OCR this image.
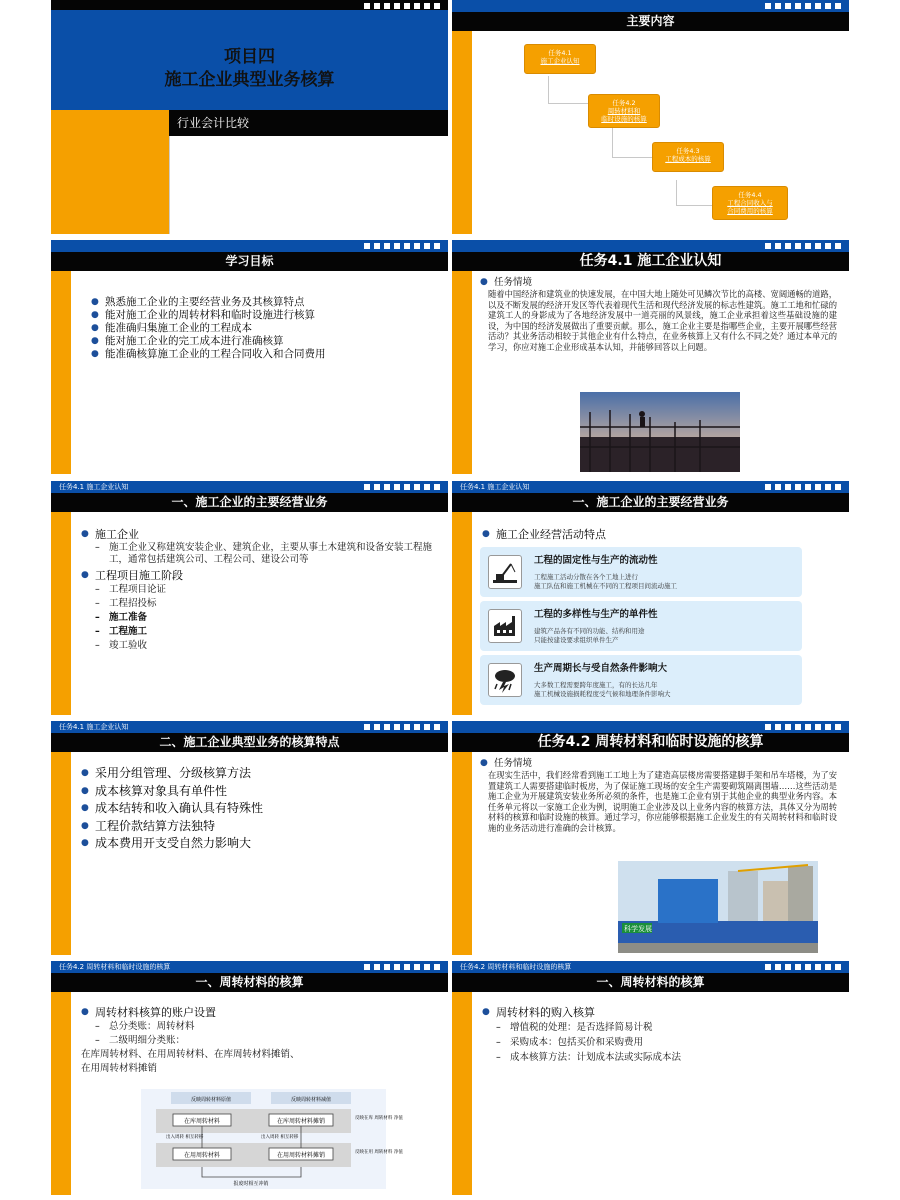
项目四
施工企业典型业务核算
行业会计比较
主要内容
任务4.1
施工企业认知
任务4.2
周转材料和
临时设施的核算
任务4.3
工程成本的核算
任务4.4
工程合同收入与
合同费用的核算
学习目标
● 熟悉施工企业的主要经营业务及其核算特点
● 能对施工企业的周转材料和临时设施进行核算
● 能准确归集施工企业的工程成本
● 能对施工企业的完工成本进行准确核算
● 能准确核算施工企业的工程合同收入和合同费用
任务4.1 施工企业认知
● 任务情境
随着中国经济和建筑业的快速发展，在中国大地上随处可见鳞次节比的高楼、宽阔通畅的道路，以及不断发展的经济开发区等代表着现代生活和现代经济发展的标志性建筑。施工工地和忙碌的建筑工人的身影成为了各地经济发展中一道亮丽的风景线，施工企业承担着这些基础设施的建设，为中国的经济发展做出了重要贡献。那么，施工企业主要是指哪些企业，主要开展哪些经营活动？其业务活动相较于其他企业有什么特点，在业务核算上又有什么不同之处？通过本单元的学习，你应对施工企业形成基本认知，并能够回答以上问题。
任务4.1 施工企业认知
一、施工企业的主要经营业务
● 施工企业
– 施工企业又称建筑安装企业、建筑企业，主要从事土木建筑和设备安装工程施工，通常包括建筑公司、工程公司、建设公司等
● 工程项目施工阶段
– 工程项目论证
– 工程招投标
– 施工准备
– 工程施工
– 竣工验收
任务4.1 施工企业认知
一、施工企业的主要经营业务
● 施工企业经营活动特点
工程的固定性与生产的流动性
工程施工活动分散在各个工地上进行
施工队伍和施工机械在不同的工程项目间流动施工
工程的多样性与生产的单件性
建筑产品各有不同的功能、结构和用途
只能按建设要求组织单件生产
生产周期长与受自然条件影响大
大多数工程需要跨年度施工，有的长达几年
施工机械设施损耗程度受气候和地理条件影响大
任务4.1 施工企业认知
二、施工企业典型业务的核算特点
● 采用分组管理、分级核算方法
● 成本核算对象具有单件性
● 成本结转和收入确认具有特殊性
● 工程价款结算方法独特
● 成本费用开支受自然力影响大
任务4.2 周转材料和临时设施的核算
● 任务情境
在现实生活中，我们经常看到施工工地上为了建造高层楼房需要搭建脚手架和吊车塔楼，为了安置建筑工人需要搭建临时板房，为了保证施工现场的安全生产需要砌筑隔离围墙……这些活动是施工企业为开展建筑安装业务所必须的条件，也是施工企业有别于其他企业的典型业务内容。本任务单元将以一家施工企业为例，说明施工企业涉及以上业务内容的核算方法，具体又分为周转材料的核算和临时设施的核算。通过学习，你应能够根据施工企业发生的有关周转材料和临时设施的业务活动进行准确的会计核算。
科学发展
任务4.2 周转材料和临时设施的核算
一、周转材料的核算
● 周转材料核算的账户设置
– 总分类账：周转材料
– 二级明细分类账：
在库周转材料、在用周转材料、在库周转材料摊销、
在用周转材料摊销
反映周转材料原值	反映周转材料减值
在库周转材料	在库周转材料摊销
在用周转材料	在用周转材料摊销
出入周转 相互转移	出入周转 相互转移
反映在库 周转材料 净值
反映在用 周转材料 净值
报废时相互冲销
任务4.2 周转材料和临时设施的核算
一、周转材料的核算
● 周转材料的购入核算
– 增值税的处理：是否选择简易计税
– 采购成本：包括买价和采购费用
– 成本核算方法：计划成本法或实际成本法
